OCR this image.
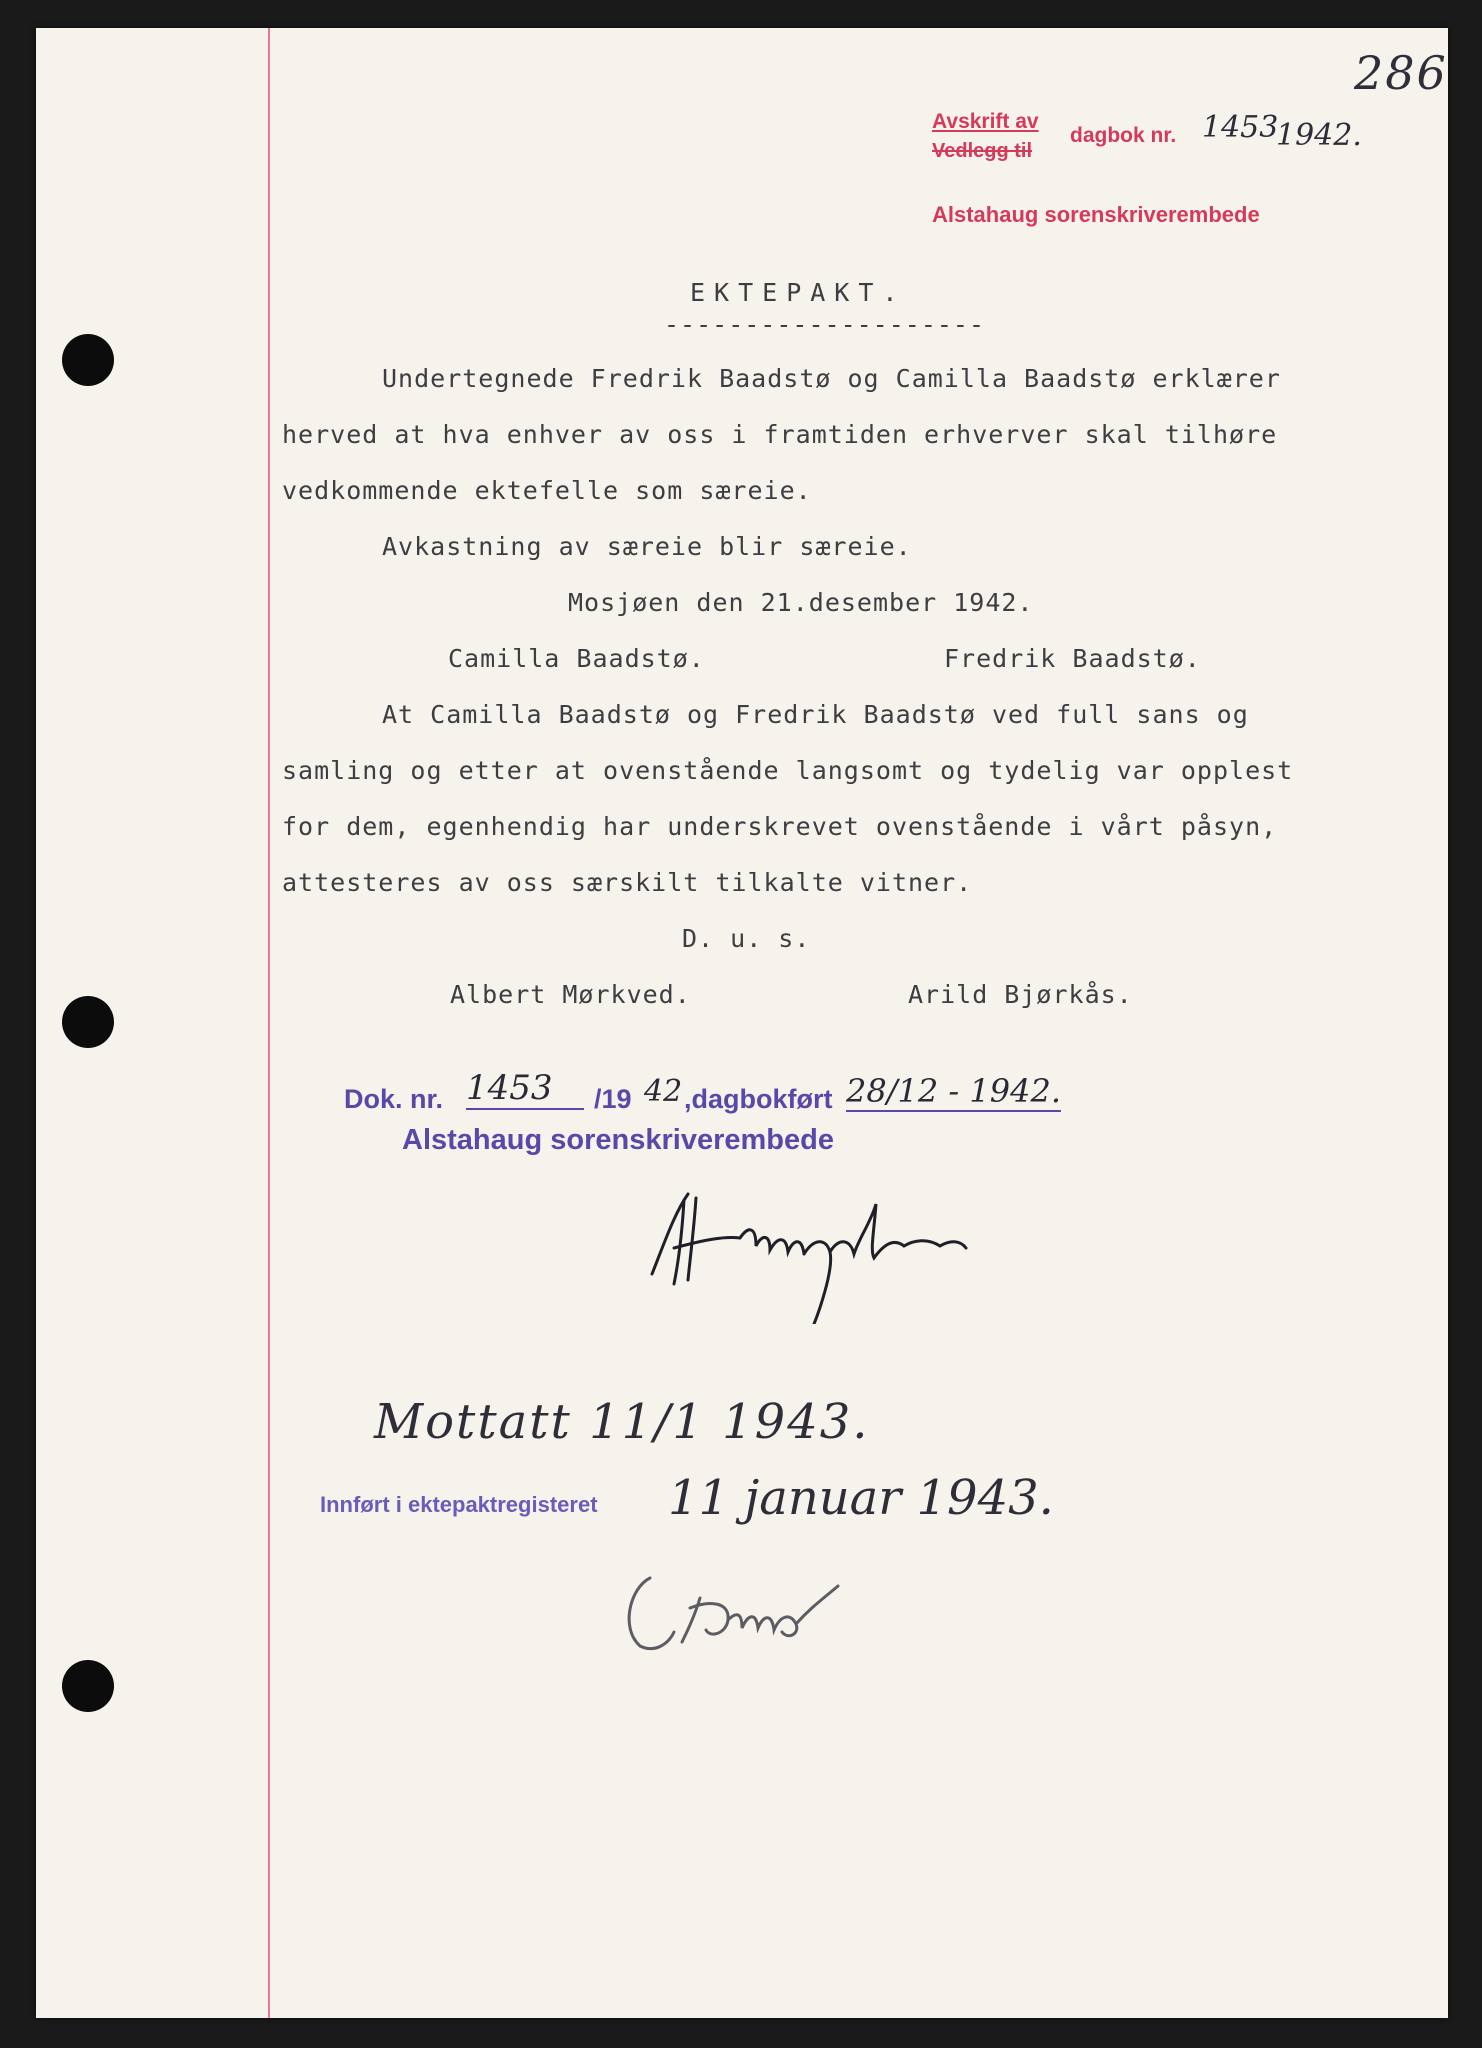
286
Avskrift av
Vedlegg til
dagbok nr. 1453
1942.
Alstahaug sorenskriverembede
EKTEPAKT.
--------------------
Undertegnede Fredrik Baadstø og Camilla Baadstø erklærer
herved at hva enhver av oss i framtiden erhverver skal tilhøre
vedkommende ektefelle som særeie.
Avkastning av særeie blir særeie.
Mosjøen den 21.desember 1942.
Camilla Baadstø.	Fredrik Baadstø.
At Camilla Baadstø og Fredrik Baadstø ved full sans og
samling og etter at ovenstående langsomt og tydelig var opplest
for dem, egenhendig har underskrevet ovenstående i vårt påsyn,
attesteres av oss særskilt tilkalte vitner.
D. u. s.
Albert Mørkved.	Arild Bjørkås.
Dok. nr. 1453	/19 42 ,dagbokført 28/12 - 1942.
Alstahaug sorenskriverembede
Mottatt 11/1 1943.
Innført i ektepaktregisteret 11 januar 1943.
